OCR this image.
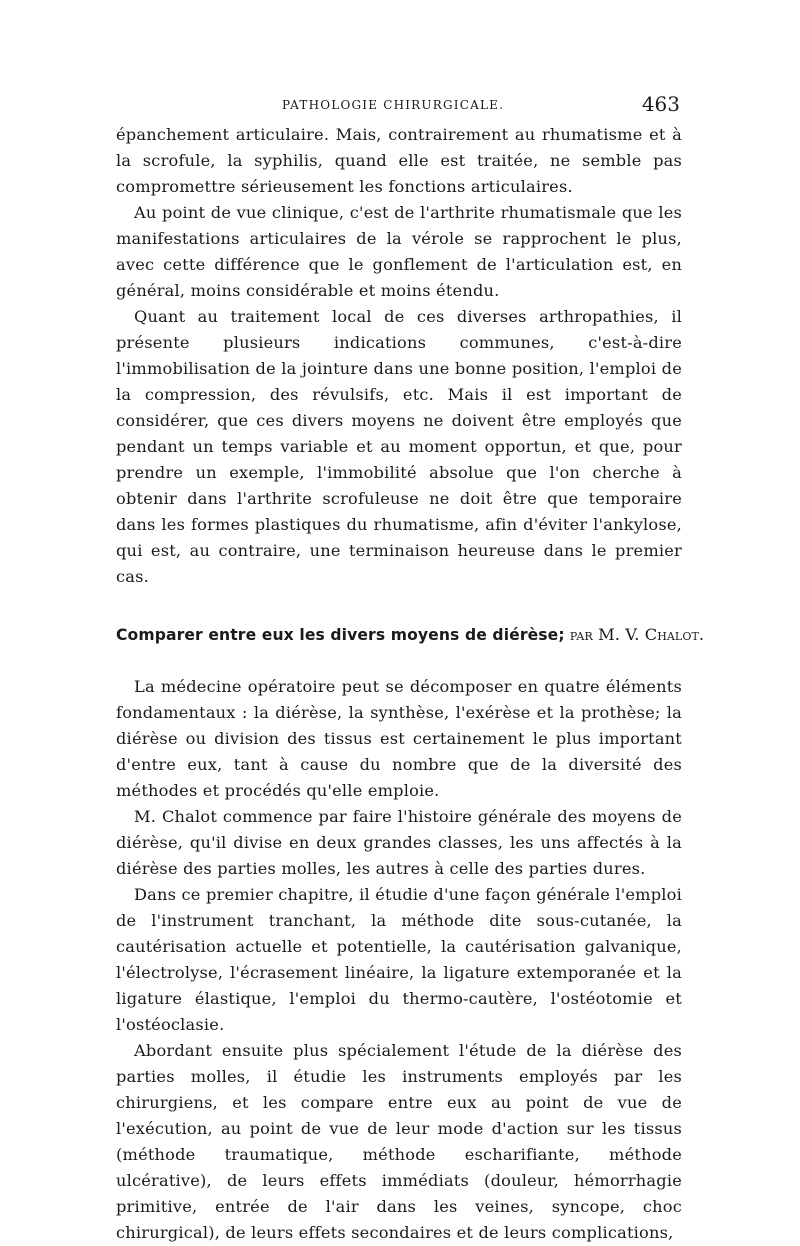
PATHOLOGIE CHIRURGICALE.	463

épanchement articulaire. Mais, contrairement au rhumatisme et à la scrofule, la syphilis, quand elle est traitée, ne semble pas compromettre sérieusement les fonctions articulaires.

Au point de vue clinique, c'est de l'arthrite rhumatismale que les manifestations articulaires de la vérole se rapprochent le plus, avec cette différence que le gonflement de l'articulation est, en général, moins considérable et moins étendu.

Quant au traitement local de ces diverses arthropathies, il présente plusieurs indications communes, c'est-à-dire l'immobilisation de la jointure dans une bonne position, l'emploi de la compression, des révulsifs, etc. Mais il est important de considérer, que ces divers moyens ne doivent être employés que pendant un temps variable et au moment opportun, et que, pour prendre un exemple, l'immobilité absolue que l'on cherche à obtenir dans l'arthrite scrofuleuse ne doit être que temporaire dans les formes plastiques du rhumatisme, afin d'éviter l'ankylose, qui est, au contraire, une terminaison heureuse dans le premier cas.

Comparer entre eux les divers moyens de diérèse; par M. V. Chalot.

La médecine opératoire peut se décomposer en quatre éléments fondamentaux : la diérèse, la synthèse, l'exérèse et la prothèse; la diérèse ou division des tissus est certainement le plus important d'entre eux, tant à cause du nombre que de la diversité des méthodes et procédés qu'elle emploie.

M. Chalot commence par faire l'histoire générale des moyens de diérèse, qu'il divise en deux grandes classes, les uns affectés à la diérèse des parties molles, les autres à celle des parties dures.

Dans ce premier chapitre, il étudie d'une façon générale l'emploi de l'instrument tranchant, la méthode dite sous-cutanée, la cautérisation actuelle et potentielle, la cautérisation galvanique, l'électrolyse, l'écrasement linéaire, la ligature extemporanée et la ligature élastique, l'emploi du thermo-cautère, l'ostéotomie et l'ostéoclasie.

Abordant ensuite plus spécialement l'étude de la diérèse des parties molles, il étudie les instruments employés par les chirurgiens, et les compare entre eux au point de vue de l'exécution, au point de vue de leur mode d'action sur les tissus (méthode traumatique, méthode escharifiante, méthode ulcérative), de leurs effets immédiats (douleur, hémorrhagie primitive, entrée de l'air dans les veines, syncope, choc chirurgical), de leurs effets secondaires et de leurs complications,
